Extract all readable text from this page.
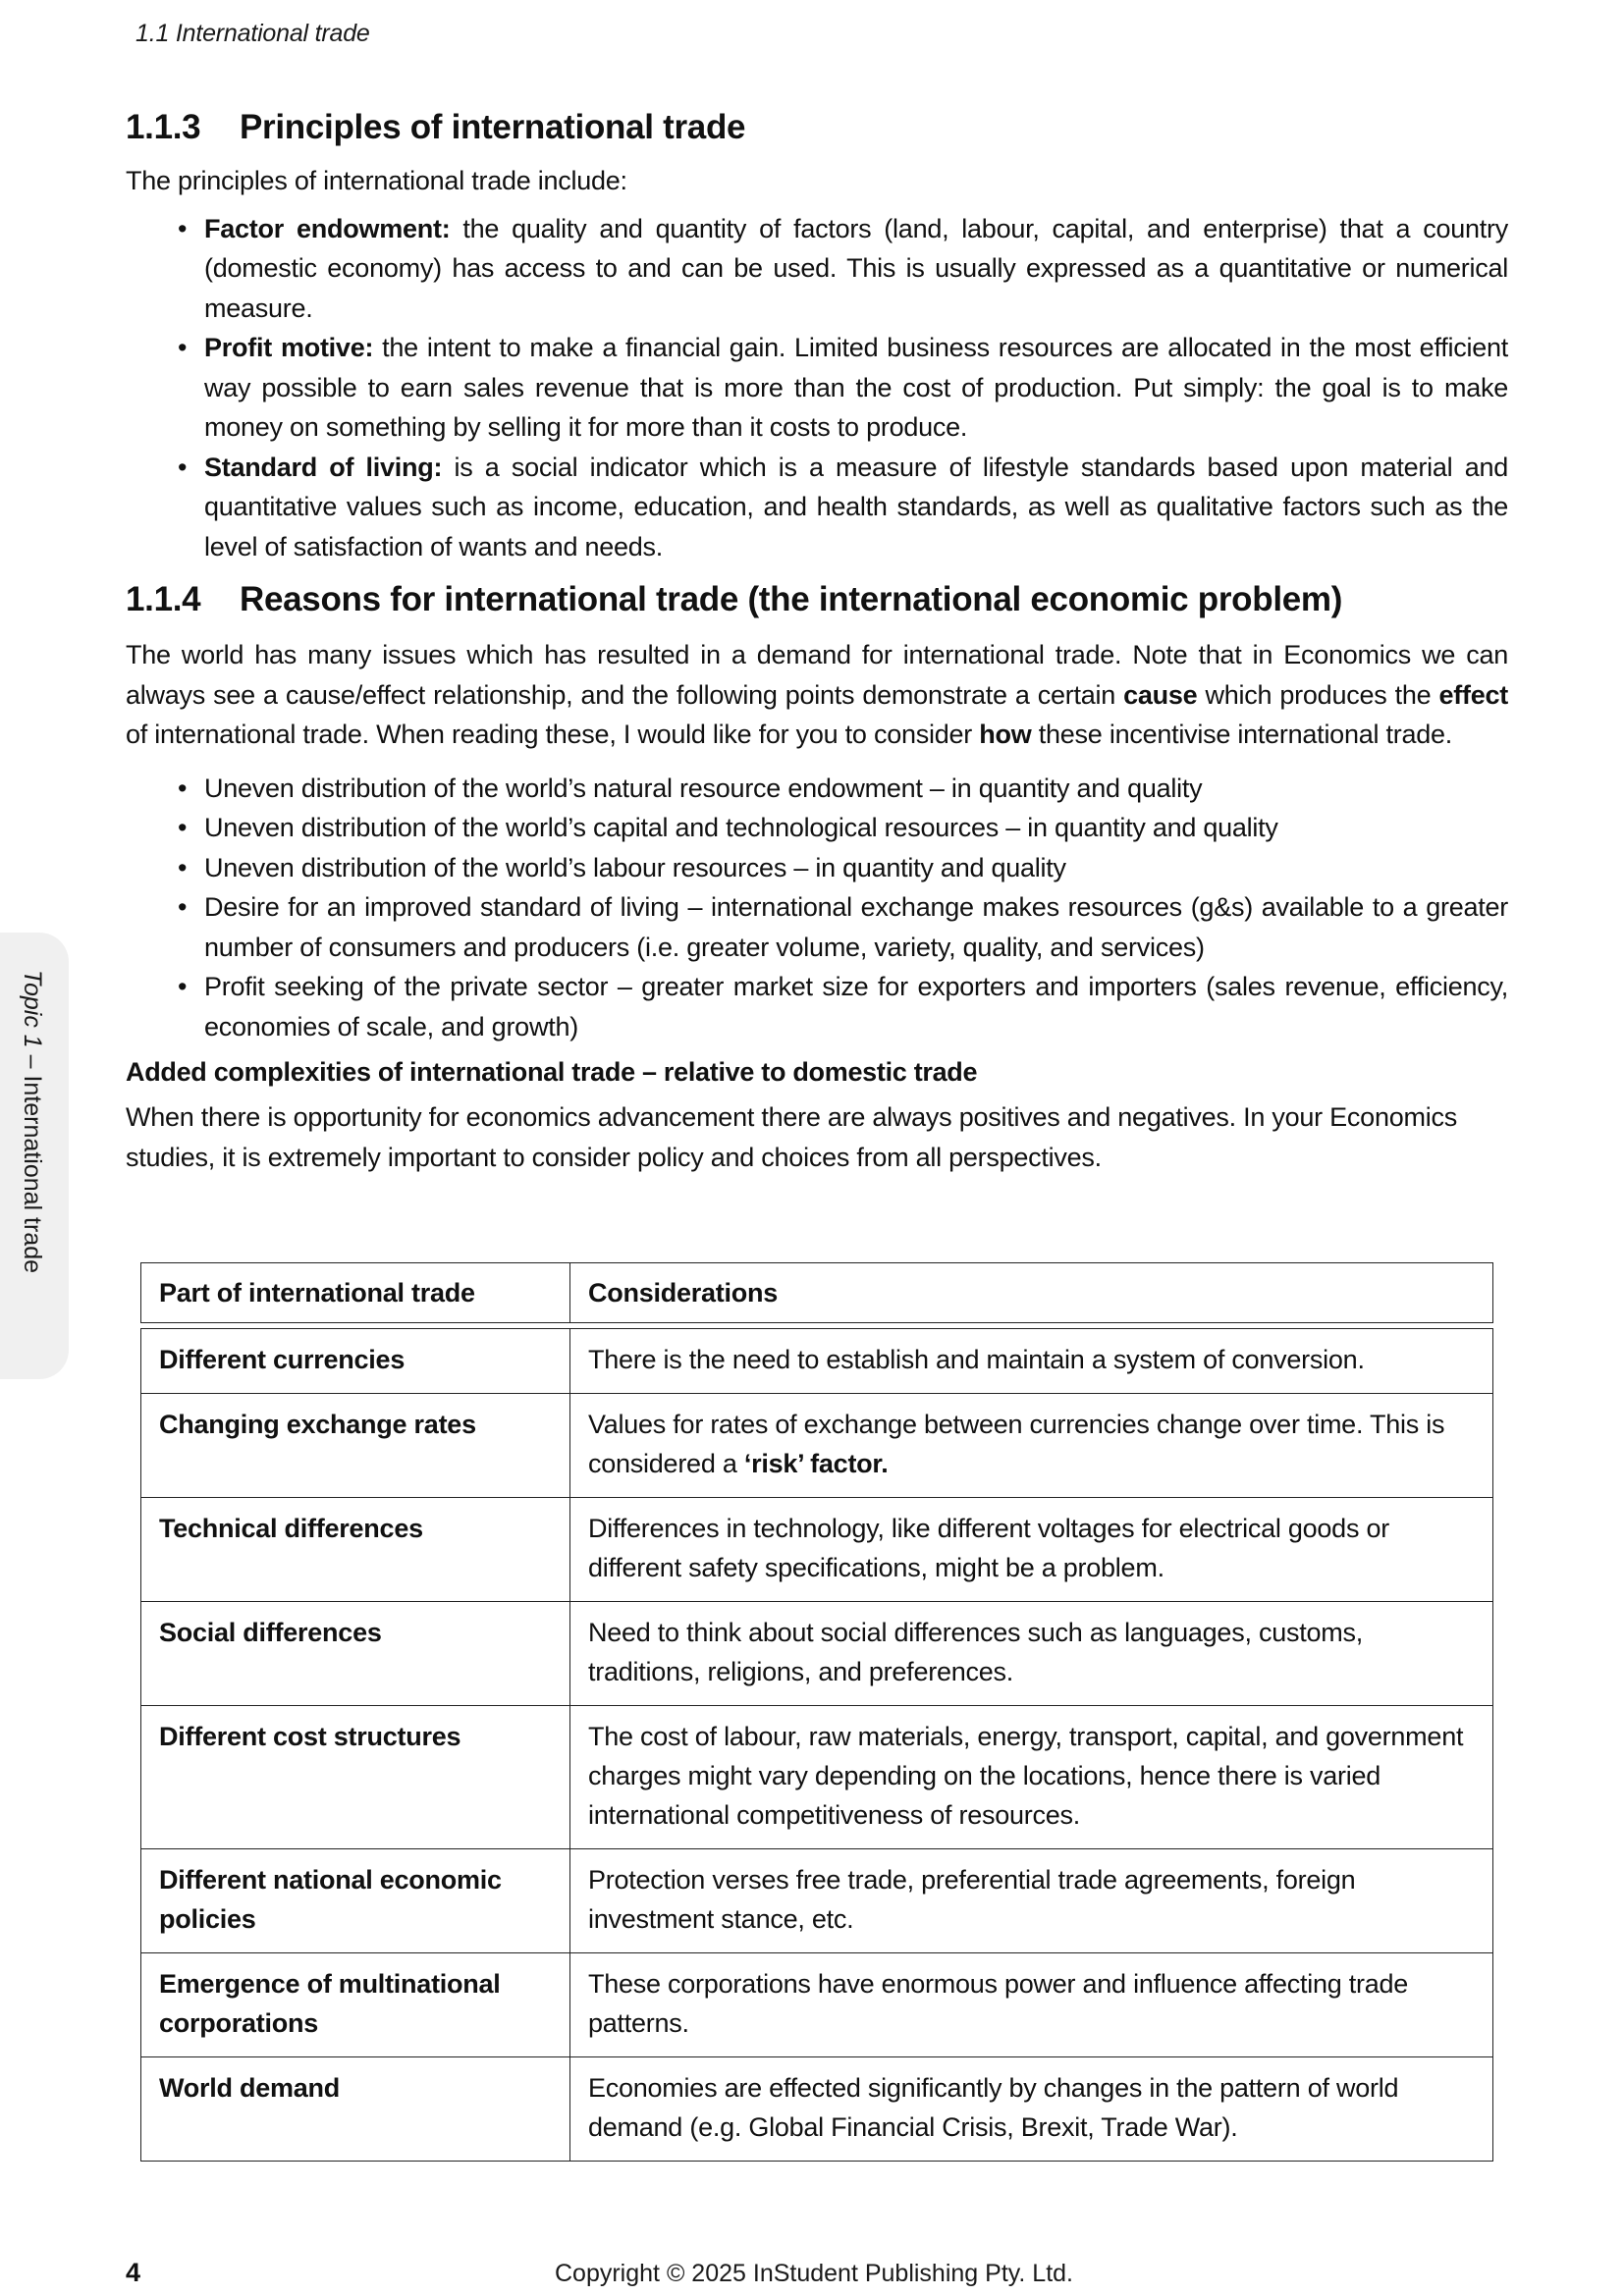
1.1 International trade
Topic 1 – International trade
1.1.3 Principles of international trade

The principles of international trade include:

• Factor endowment: the quality and quantity of factors (land, labour, capital, and enterprise) that a country (domestic economy) has access to and can be used. This is usually expressed as a quantitative or numerical measure.
• Profit motive: the intent to make a financial gain. Limited business resources are allocated in the most efficient way possible to earn sales revenue that is more than the cost of production. Put simply: the goal is to make money on something by selling it for more than it costs to produce.
• Standard of living: is a social indicator which is a measure of lifestyle standards based upon material and quantitative values such as income, education, and health standards, as well as qualitative factors such as the level of satisfaction of wants and needs.
1.1.4 Reasons for international trade (the international economic problem)

The world has many issues which has resulted in a demand for international trade. Note that in Economics we can always see a cause/effect relationship, and the following points demonstrate a certain cause which produces the effect of international trade. When reading these, I would like for you to consider how these incentivise international trade.

• Uneven distribution of the world’s natural resource endowment – in quantity and quality
• Uneven distribution of the world’s capital and technological resources – in quantity and quality
• Uneven distribution of the world’s labour resources – in quantity and quality
• Desire for an improved standard of living – international exchange makes resources (g&s) available to a greater number of consumers and producers (i.e. greater volume, variety, quality, and services)
• Profit seeking of the private sector – greater market size for exporters and importers (sales revenue, efficiency, economies of scale, and growth)
Added complexities of international trade – relative to domestic trade

When there is opportunity for economics advancement there are always positives and negatives. In your Economics studies, it is extremely important to consider policy and choices from all perspectives.

Part of international trade	Considerations

Different currencies	There is the need to establish and maintain a system of conversion.
Changing exchange rates	Values for rates of exchange between currencies change over time. This is considered a ‘risk’ factor.
Technical differences	Differences in technology, like different voltages for electrical goods or different safety specifications, might be a problem.
Social differences	Need to think about social differences such as languages, customs, traditions, religions, and preferences.
Different cost structures	The cost of labour, raw materials, energy, transport, capital, and government charges might vary depending on the locations, hence there is varied international competitiveness of resources.
Different national economic policies	Protection verses free trade, preferential trade agreements, foreign investment stance, etc.
Emergence of multinational corporations	These corporations have enormous power and influence affecting trade patterns.
World demand	Economies are effected significantly by changes in the pattern of world demand (e.g. Global Financial Crisis, Brexit, Trade War).
4	Copyright © 2025 InStudent Publishing Pty. Ltd.
